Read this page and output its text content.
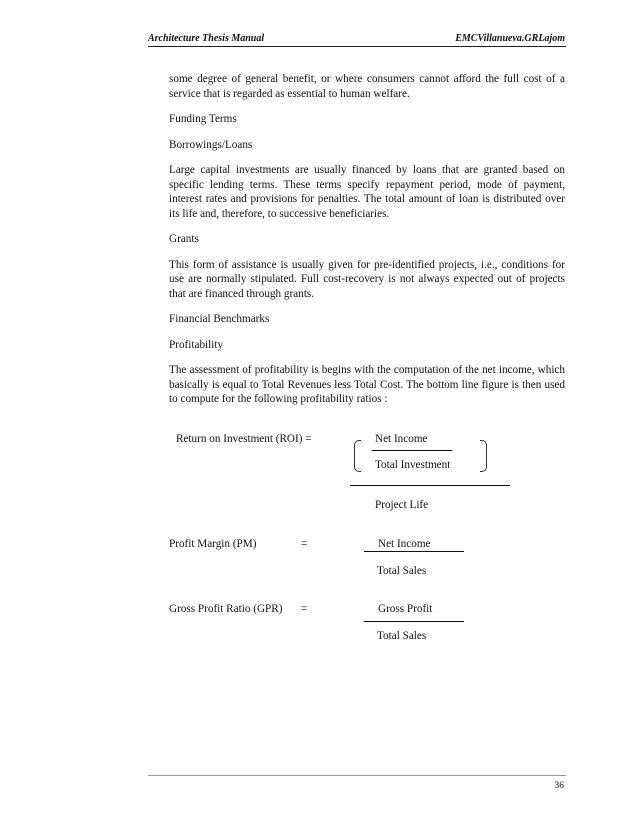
Architecture Thesis Manual	EMCVillanueva.GRLajom

some degree of general benefit, or where consumers cannot afford the full cost of a service that is regarded as essential to human welfare.

Funding Terms

Borrowings/Loans

Large capital investments are usually financed by loans that are granted based on specific lending terms. These terms specify repayment period, mode of payment, interest rates and provisions for penalties. The total amount of loan is distributed over its life and, therefore, to successive beneficiaries.

Grants

This form of assistance is usually given for pre-identified projects, i.e., conditions for use are normally stipulated. Full cost-recovery is not always expected out of projects that are financed through grants.

Financial Benchmarks

Profitability

The assessment of profitability is begins with the computation of the net income, which basically is equal to Total Revenues less Total Cost. The bottom line figure is then used to compute for the following profitability ratios :

Return on Investment (ROI) =	Net Income
Total Investment
Project Life
Profit Margin (PM)	=	Net Income
Total Sales
Gross Profit Ratio (GPR) =	Gross Profit
Total Sales
36
